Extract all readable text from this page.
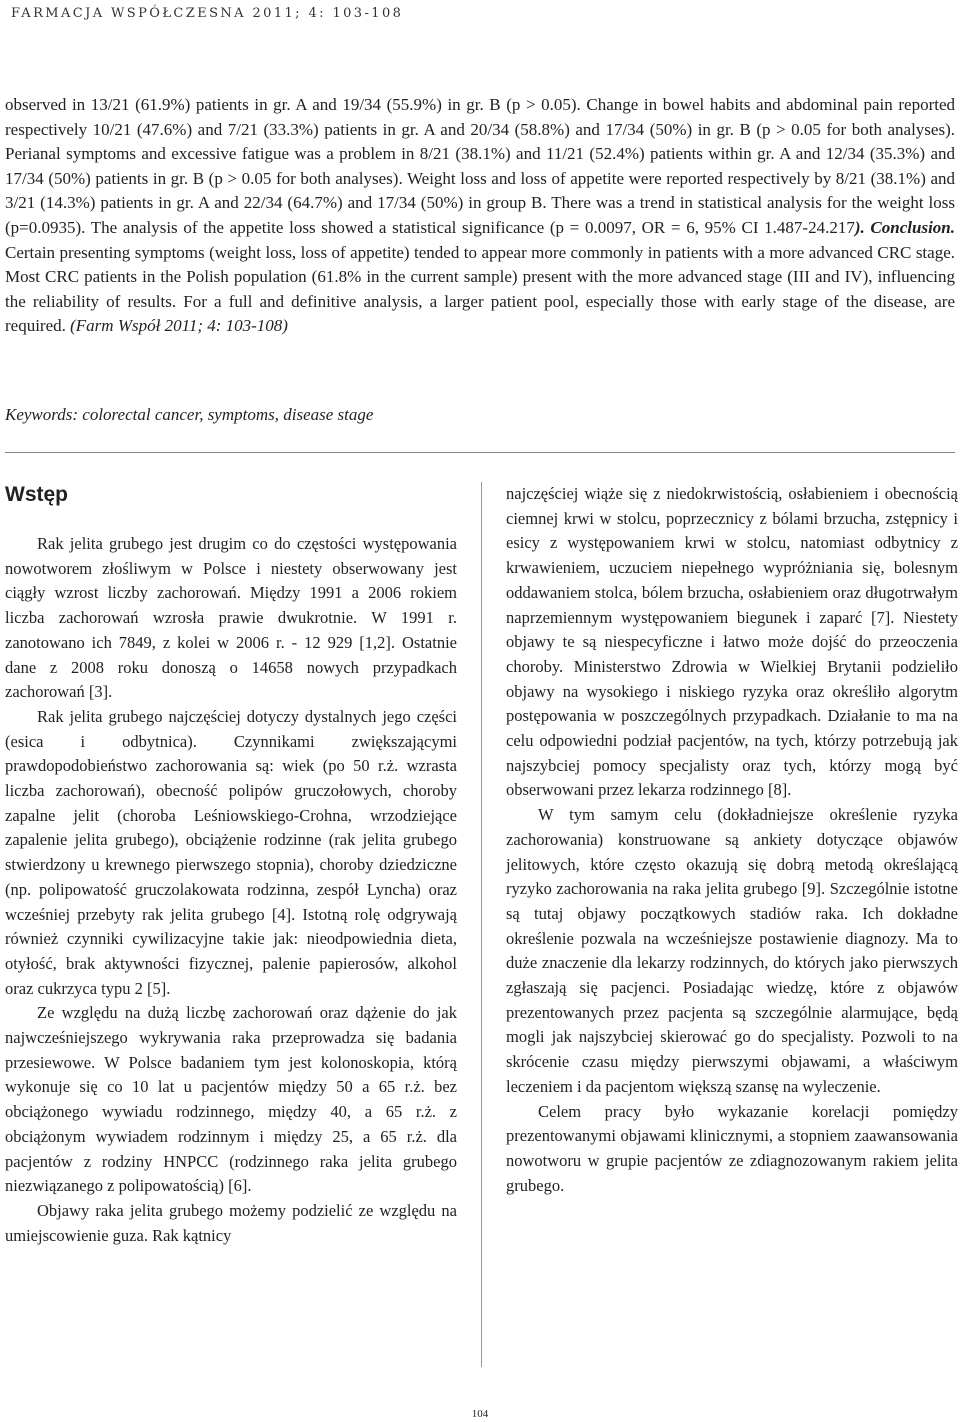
FARMACJA WSPÓŁCZESNA 2011; 4: 103-108

observed in 13/21 (61.9%) patients in gr. A and 19/34 (55.9%) in gr. B (p > 0.05). Change in bowel habits and abdominal pain reported respectively 10/21 (47.6%) and 7/21 (33.3%) patients in gr. A and 20/34 (58.8%) and 17/34 (50%) in gr. B (p > 0.05 for both analyses). Perianal symptoms and excessive fatigue was a problem in 8/21 (38.1%) and 11/21 (52.4%) patients within gr. A and 12/34 (35.3%) and 17/34 (50%) patients in gr. B (p > 0.05 for both analyses). Weight loss and loss of appetite were reported respectively by 8/21 (38.1%) and 3/21 (14.3%) patients in gr. A and 22/34 (64.7%) and 17/34 (50%) in group B. There was a trend in statistical analysis for the weight loss (p=0.0935). The analysis of the appetite loss showed a statistical significance (p = 0.0097, OR = 6, 95% CI 1.487-24.217). Conclusion. Certain presenting symptoms (weight loss, loss of appetite) tended to appear more commonly in patients with a more advanced CRC stage. Most CRC patients in the Polish population (61.8% in the current sample) present with the more advanced stage (III and IV), influencing the reliability of results. For a full and definitive analysis, a larger patient pool, especially those with early stage of the disease, are required. (Farm Współ 2011; 4: 103-108)

Keywords: colorectal cancer, symptoms, disease stage
Wstęp

Rak jelita grubego jest drugim co do częstości występowania nowotworem złośliwym w Polsce i niestety obserwowany jest ciągły wzrost liczby zachorowań. Między 1991 a 2006 rokiem liczba zachorowań wzrosła prawie dwukrotnie. W 1991 r. zanotowano ich 7849, z kolei w 2006 r. - 12 929 [1,2]. Ostatnie dane z 2008 roku donoszą o 14658 nowych przypadkach zachorowań [3].

Rak jelita grubego najczęściej dotyczy dystalnych jego części (esica i odbytnica). Czynnikami zwiększającymi prawdopodobieństwo zachorowania są: wiek (po 50 r.ż. wzrasta liczba zachorowań), obecność polipów gruczołowych, choroby zapalne jelit (choroba Leśniowskiego-Crohna, wrzodziejące zapalenie jelita grubego), obciążenie rodzinne (rak jelita grubego stwierdzony u krewnego pierwszego stopnia), choroby dziedziczne (np. polipowatość gruczolakowata rodzinna, zespół Lyncha) oraz wcześniej przebyty rak jelita grubego [4]. Istotną rolę odgrywają również czynniki cywilizacyjne takie jak: nieodpowiednia dieta, otyłość, brak aktywności fizycznej, palenie papierosów, alkohol oraz cukrzyca typu 2 [5].

Ze względu na dużą liczbę zachorowań oraz dążenie do jak najwcześniejszego wykrywania raka przeprowadza się badania przesiewowe. W Polsce badaniem tym jest kolonoskopia, którą wykonuje się co 10 lat u pacjentów między 50 a 65 r.ż. bez obciążonego wywiadu rodzinnego, między 40, a 65 r.ż. z obciążonym wywiadem rodzinnym i między 25, a 65 r.ż. dla pacjentów z rodziny HNPCC (rodzinnego raka jelita grubego niezwiązanego z polipowatością) [6].

Objawy raka jelita grubego możemy podzielić ze względu na umiejscowienie guza. Rak kątnicy

najczęściej wiąże się z niedokrwistością, osłabieniem i obecnością ciemnej krwi w stolcu, poprzecznicy z bólami brzucha, zstępnicy i esicy z występowaniem krwi w stolcu, natomiast odbytnicy z krwawieniem, uczuciem niepełnego wypróżniania się, bolesnym oddawaniem stolca, bólem brzucha, osłabieniem oraz długotrwałym naprzemiennym występowaniem biegunek i zaparć [7]. Niestety objawy te są niespecyficzne i łatwo może dojść do przeoczenia choroby. Ministerstwo Zdrowia w Wielkiej Brytanii podzieliło objawy na wysokiego i niskiego ryzyka oraz określiło algorytm postępowania w poszczególnych przypadkach. Działanie to ma na celu odpowiedni podział pacjentów, na tych, którzy potrzebują jak najszybciej pomocy specjalisty oraz tych, którzy mogą być obserwowani przez lekarza rodzinnego [8].

W tym samym celu (dokładniejsze określenie ryzyka zachorowania) konstruowane są ankiety dotyczące objawów jelitowych, które często okazują się dobrą metodą określającą ryzyko zachorowania na raka jelita grubego [9]. Szczególnie istotne są tutaj objawy początkowych stadiów raka. Ich dokładne określenie pozwala na wcześniejsze postawienie diagnozy. Ma to duże znaczenie dla lekarzy rodzinnych, do których jako pierwszych zgłaszają się pacjenci. Posiadając wiedzę, które z objawów prezentowanych przez pacjenta są szczególnie alarmujące, będą mogli jak najszybciej skierować go do specjalisty. Pozwoli to na skrócenie czasu między pierwszymi objawami, a właściwym leczeniem i da pacjentom większą szansę na wyleczenie.

Celem pracy było wykazanie korelacji pomiędzy prezentowanymi objawami klinicznymi, a stopniem zaawansowania nowotworu w grupie pacjentów ze zdiagnozowanym rakiem jelita grubego.

104
